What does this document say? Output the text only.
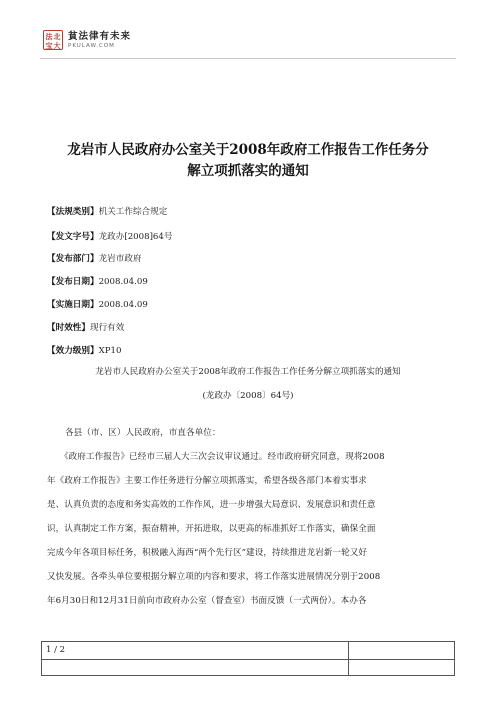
法 北
宝 大
貧法律有未来
PKULAW.COM
龙岩市人民政府办公室关于2008年政府工作报告工作任务分
解立项抓落实的通知
【法规类别】机关工作综合规定
【发文字号】龙政办[2008]64号
【发布部门】龙岩市政府
【发布日期】2008.04.09
【实施日期】2008.04.09
【时效性】现行有效
【效力级别】XP10
龙岩市人民政府办公室关于2008年政府工作报告工作任务分解立项抓落实的通知
(龙政办〔2008〕64号)
各县（市、区）人民政府，市直各单位：
《政府工作报告》已经市三届人大三次会议审议通过。经市政府研究同意，现将2008
年《政府工作报告》主要工作任务进行分解立项抓落实，希望各级各部门本着实事求
是、认真负责的态度和务实高效的工作作风，进一步增强大局意识、发展意识和责任意
识，认真制定工作方案，振奋精神，开拓进取，以更高的标准抓好工作落实，确保全面
完成今年各项目标任务，积极融入海西“两个先行区”建设，持续推进龙岩新一轮又好
又快发展。各牵头单位要根据分解立项的内容和要求，将工作落实进展情况分别于2008
年6月30日和12月31日前向市政府办公室（督查室）书面反馈（一式两份）。本办各
1 / 2
